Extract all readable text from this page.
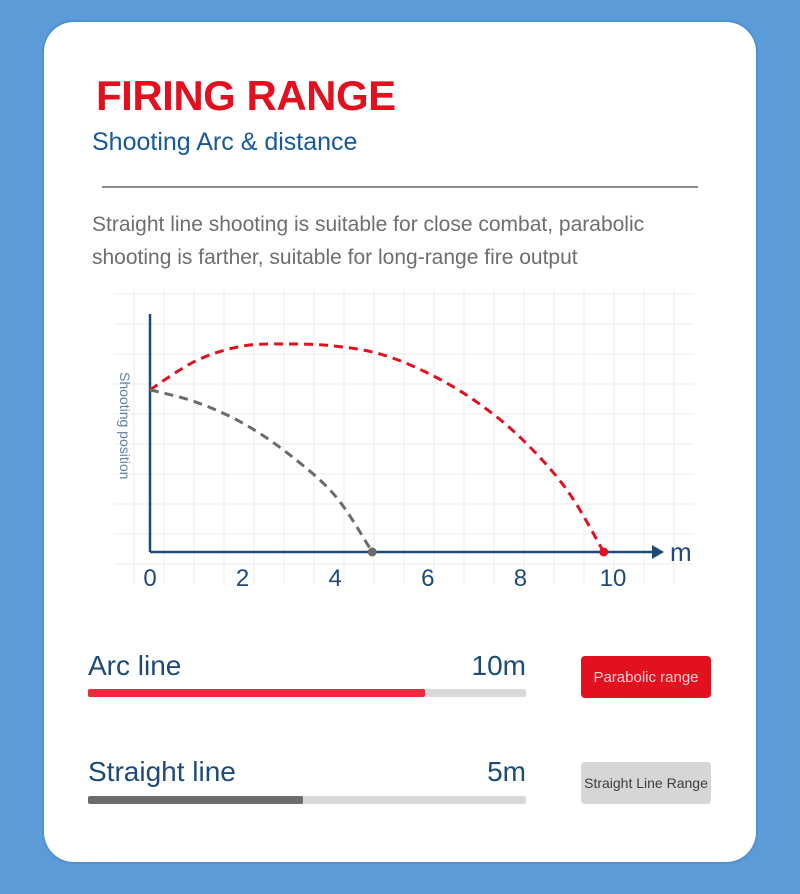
FIRING RANGE
Shooting Arc & distance
Straight line shooting is suitable for close combat, parabolic shooting is farther, suitable for long-range fire output
0	2	4	6	8	10
m
Shooting position
Arc line	10m	Parabolic range
Straight line	5m	Straight Line Range
